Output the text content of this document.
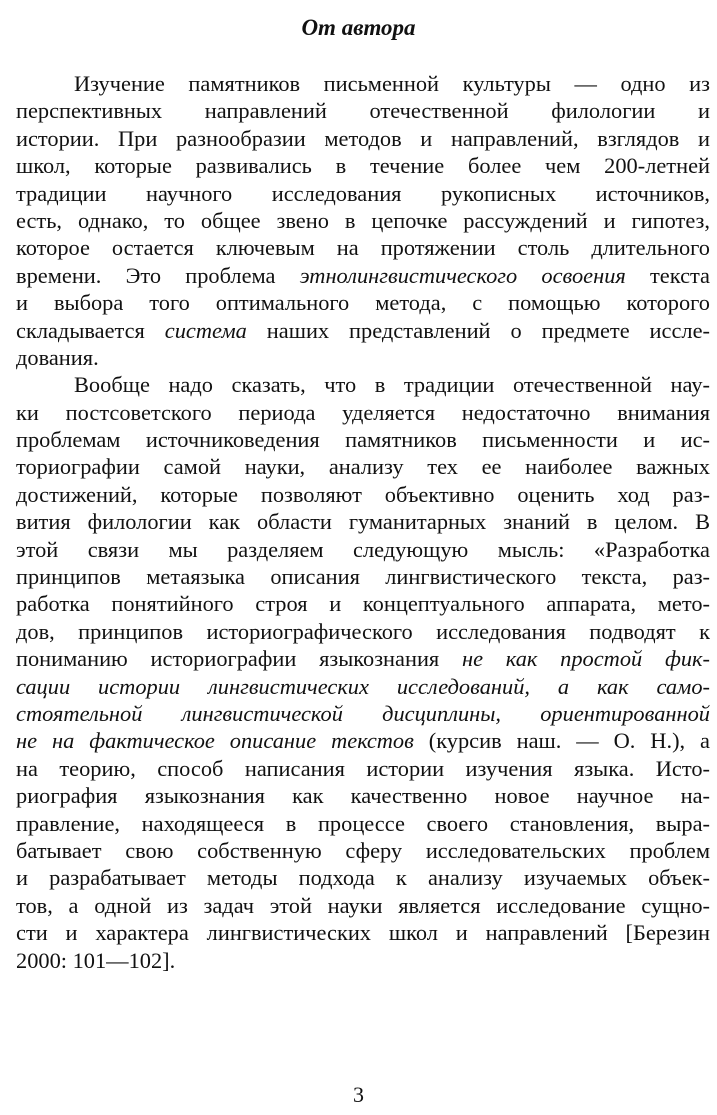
От автора
Изучение памятников письменной культуры — одно из
перспективных направлений отечественной филологии и
истории. При разнообразии методов и направлений, взглядов и
школ, которые развивались в течение более чем 200-летней
традиции научного исследования рукописных источников,
есть, однако, то общее звено в цепочке рассуждений и гипотез,
которое остается ключевым на протяжении столь длительного
времени. Это проблема этнолингвистического освоения текста
и выбора того оптимального метода, с помощью которого
складывается система наших представлений о предмете иссле-
дования.
Вообще надо сказать, что в традиции отечественной нау-
ки постсоветского периода уделяется недостаточно внимания
проблемам источниковедения памятников письменности и ис-
ториографии самой науки, анализу тех ее наиболее важных
достижений, которые позволяют объективно оценить ход раз-
вития филологии как области гуманитарных знаний в целом. В
этой связи мы разделяем следующую мысль: «Разработка
принципов метаязыка описания лингвистического текста, раз-
работка понятийного строя и концептуального аппарата, мето-
дов, принципов историографического исследования подводят к
пониманию историографии языкознания не как простой фик-
сации истории лингвистических исследований, а как само-
стоятельной лингвистической дисциплины, ориентированной
не на фактическое описание текстов (курсив наш. — О. Н.), а
на теорию, способ написания истории изучения языка. Исто-
риография языкознания как качественно новое научное на-
правление, находящееся в процессе своего становления, выра-
батывает свою собственную сферу исследовательских проблем
и разрабатывает методы подхода к анализу изучаемых объек-
тов, а одной из задач этой науки является исследование сущно-
сти и характера лингвистических школ и направлений [Березин
2000: 101—102].
3
